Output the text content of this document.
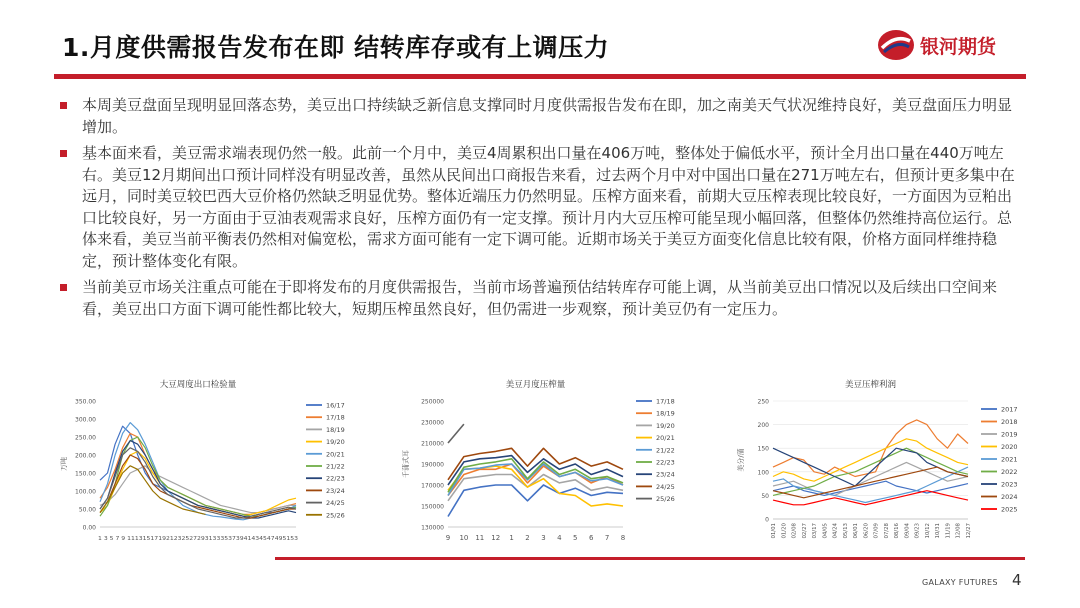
1.月度供需报告发布在即 结转库存或有上调压力	银河期货
本周美豆盘面呈现明显回落态势，美豆出口持续缺乏新信息支撑同时月度供需报告发布在即，加之南美天气状况维持良好，美豆盘面压力明显增加。
基本面来看，美豆需求端表现仍然一般。此前一个月中，美豆4周累积出口量在406万吨，整体处于偏低水平，预计全月出口量在440万吨左右。美豆12月期间出口预计同样没有明显改善，虽然从民间出口商报告来看，过去两个月中对中国出口量在271万吨左右，但预计更多集中在远月，同时美豆较巴西大豆价格仍然缺乏明显优势。整体近端压力仍然明显。压榨方面来看，前期大豆压榨表现比较良好，一方面因为豆粕出口比较良好，另一方面由于豆油表观需求良好，压榨方面仍有一定支撑。预计月内大豆压榨可能呈现小幅回落，但整体仍然维持高位运行。总体来看，美豆当前平衡表仍然相对偏宽松，需求方面可能有一定下调可能。近期市场关于美豆方面变化信息比较有限，价格方面同样维持稳定，预计整体变化有限。
当前美豆市场关注重点可能在于即将发布的月度供需报告，当前市场普遍预估结转库存可能上调，从当前美豆出口情况以及后续出口空间来看，美豆出口方面下调可能性都比较大，短期压榨虽然良好，但仍需进一步观察，预计美豆仍有一定压力。
大豆周度出口检验量
0.00
50.00
100.00
150.00
200.00
250.00
300.00
350.00
万吨
1 3 5 7 9 11131517192123252729313335373941434547495153
16/17
17/18
18/19
19/20
20/21
21/22
22/23
23/24
24/25
25/26
美豆月度压榨量
130000
150000
170000
190000
210000
230000
250000
千蒲式耳
9 10 11 12 1 2 3 4 5 6 7 8
17/18
18/19
19/20
20/21
21/22
22/23
23/24
24/25
25/26
美豆压榨利润
0
50
100
150
200
250
美分/蒲
01/01 01/20 02/08 02/27 03/17 04/05 04/24 05/13 06/01 06/20 07/09 07/28 08/16 09/04 09/23 10/12 10/31 11/19 12/08 12/27
2017
2018
2019
2020
2021
2022
2023
2024
2025
GALAXY FUTURES 4
